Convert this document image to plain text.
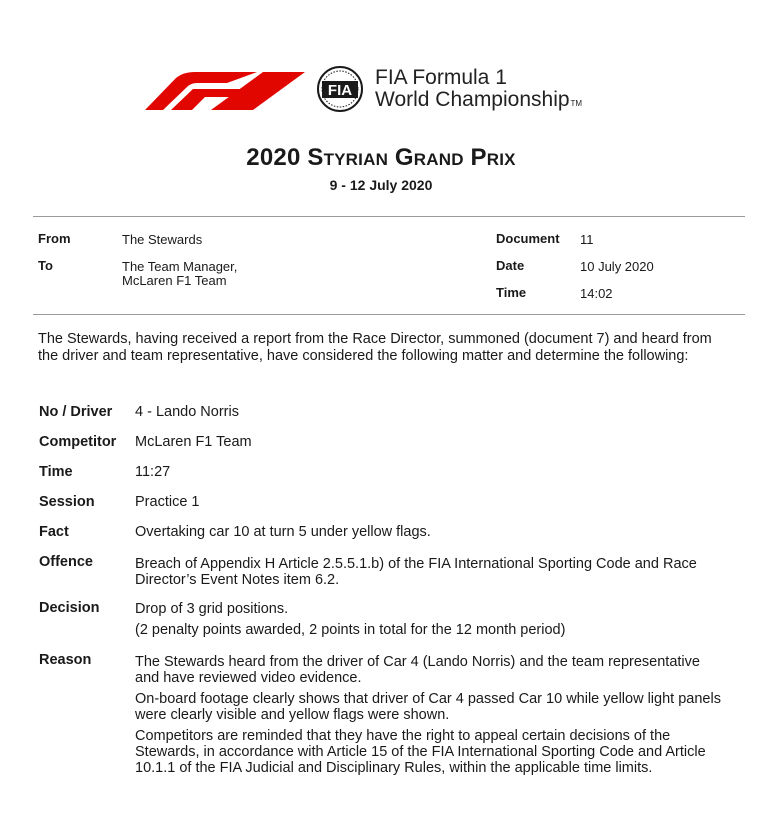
FIA
FIA Formula 1
World ChampionshipTM
2020 Styrian Grand Prix
9 - 12 July 2020
From	The Stewards
To	The Team Manager,
McLaren F1 Team
Document 11
Date	10 July 2020
Time	14:02
The Stewards, having received a report from the Race Director, summoned (document 7) and heard from the driver and team representative, have considered the following matter and determine the following:
No / Driver 4 - Lando Norris
Competitor McLaren F1 Team
Time	11:27
Session	Practice 1
Fact	Overtaking car 10 at turn 5 under yellow flags.
Offence	Breach of Appendix H Article 2.5.5.1.b) of the FIA International Sporting Code and Race Director’s Event Notes item 6.2.
Decision Drop of 3 grid positions.

(2 penalty points awarded, 2 points in total for the 12 month period)

Reason	The Stewards heard from the driver of Car 4 (Lando Norris) and the team representative and have reviewed video evidence.

On-board footage clearly shows that driver of Car 4 passed Car 10 while yellow light panels were clearly visible and yellow flags were shown.

Competitors are reminded that they have the right to appeal certain decisions of the Stewards, in accordance with Article 15 of the FIA International Sporting Code and Article 10.1.1 of the FIA Judicial and Disciplinary Rules, within the applicable time limits.
